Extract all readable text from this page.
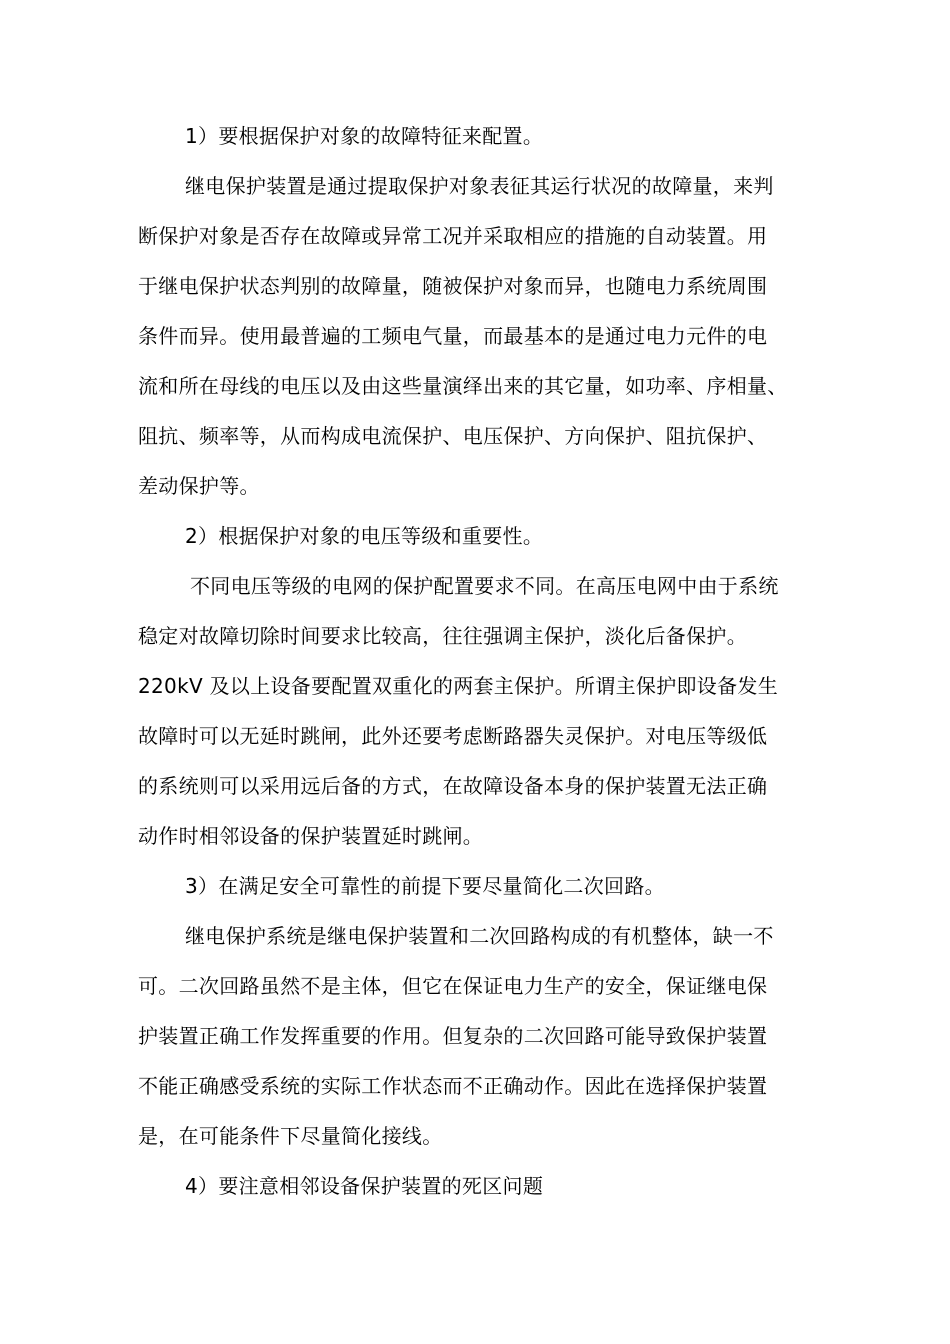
1）要根据保护对象的故障特征来配置。
继电保护装置是通过提取保护对象表征其运行状况的故障量，来判
断保护对象是否存在故障或异常工况并采取相应的措施的自动装置。用
于继电保护状态判别的故障量，随被保护对象而异，也随电力系统周围
条件而异。使用最普遍的工频电气量，而最基本的是通过电力元件的电
流和所在母线的电压以及由这些量演绎出来的其它量，如功率、序相量、
阻抗、频率等，从而构成电流保护、电压保护、方向保护、阻抗保护、
差动保护等。
2）根据保护对象的电压等级和重要性。
不同电压等级的电网的保护配置要求不同。在高压电网中由于系统
稳定对故障切除时间要求比较高，往往强调主保护，淡化后备保护。
220kV 及以上设备要配置双重化的两套主保护。所谓主保护即设备发生
故障时可以无延时跳闸，此外还要考虑断路器失灵保护。对电压等级低
的系统则可以采用远后备的方式，在故障设备本身的保护装置无法正确
动作时相邻设备的保护装置延时跳闸。
3）在满足安全可靠性的前提下要尽量简化二次回路。
继电保护系统是继电保护装置和二次回路构成的有机整体，缺一不
可。二次回路虽然不是主体，但它在保证电力生产的安全，保证继电保
护装置正确工作发挥重要的作用。但复杂的二次回路可能导致保护装置
不能正确感受系统的实际工作状态而不正确动作。因此在选择保护装置
是，在可能条件下尽量简化接线。
4）要注意相邻设备保护装置的死区问题
